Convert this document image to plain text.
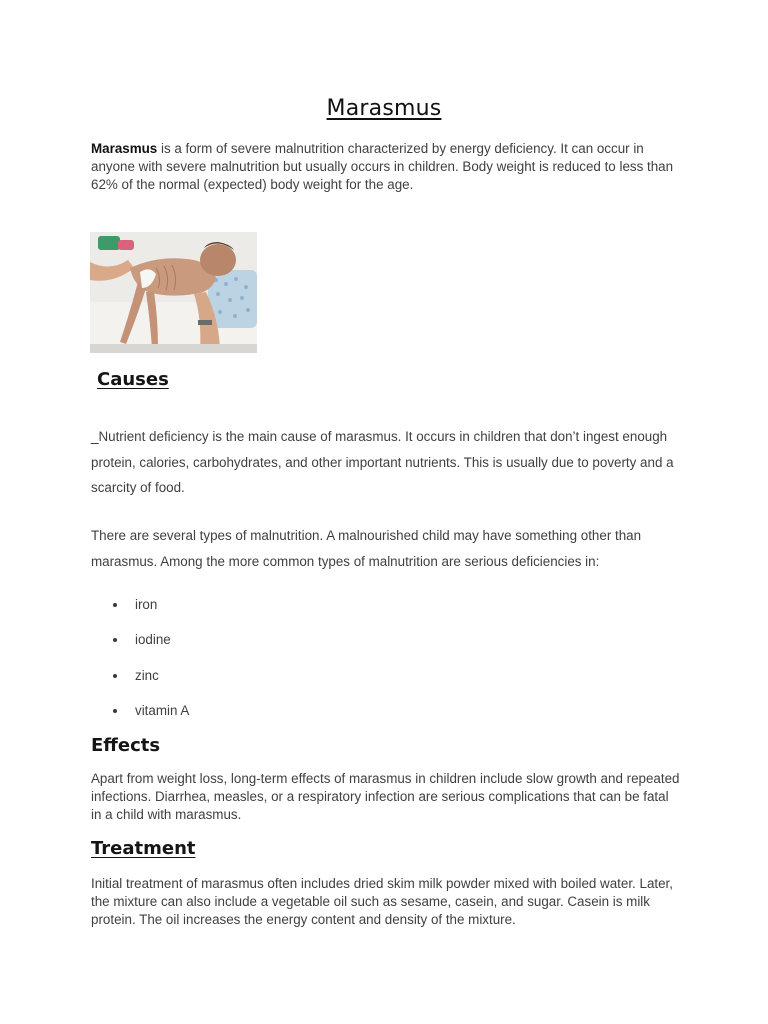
Marasmus

Marasmus is a form of severe malnutrition characterized by energy deficiency. It can occur in anyone with severe malnutrition but usually occurs in children. Body weight is reduced to less than 62% of the normal (expected) body weight for the age.

Causes

_Nutrient deficiency is the main cause of marasmus. It occurs in children that don’t ingest enough protein, calories, carbohydrates, and other important nutrients. This is usually due to poverty and a scarcity of food.

There are several types of malnutrition. A malnourished child may have something other than marasmus. Among the more common types of malnutrition are serious deficiencies in:

iron
iodine
zinc
vitamin A
Effects

Apart from weight loss, long-term effects of marasmus in children include slow growth and repeated infections. Diarrhea, measles, or a respiratory infection are serious complications that can be fatal in a child with marasmus.

Treatment

Initial treatment of marasmus often includes dried skim milk powder mixed with boiled water. Later, the mixture can also include a vegetable oil such as sesame, casein, and sugar. Casein is milk protein. The oil increases the energy content and density of the mixture.
